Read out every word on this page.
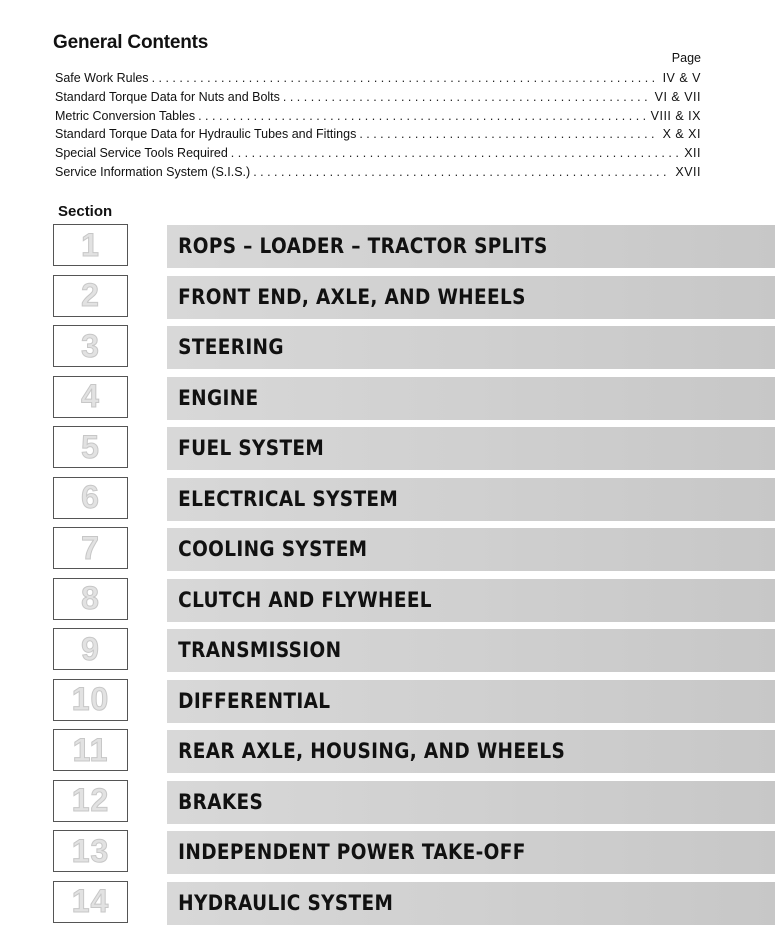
General Contents
Page
Safe Work Rules . . .	IV & V
Standard Torque Data for Nuts and Bolts . . .	VI & VII
Metric Conversion Tables . . .	VIII & IX
Standard Torque Data for Hydraulic Tubes and Fittings . . .	X & XI
Special Service Tools Required . . .	XII
Service Information System (S.I.S.) . . .	XVII
Section
1	ROPS – LOADER – TRACTOR SPLITS
2	FRONT END, AXLE, AND WHEELS
3	STEERING
4	ENGINE
5	FUEL SYSTEM
6	ELECTRICAL SYSTEM
7	COOLING SYSTEM
8	CLUTCH AND FLYWHEEL
9	TRANSMISSION
10	DIFFERENTIAL
11	REAR AXLE, HOUSING, AND WHEELS
12	BRAKES
13	INDEPENDENT POWER TAKE-OFF
14	HYDRAULIC SYSTEM
